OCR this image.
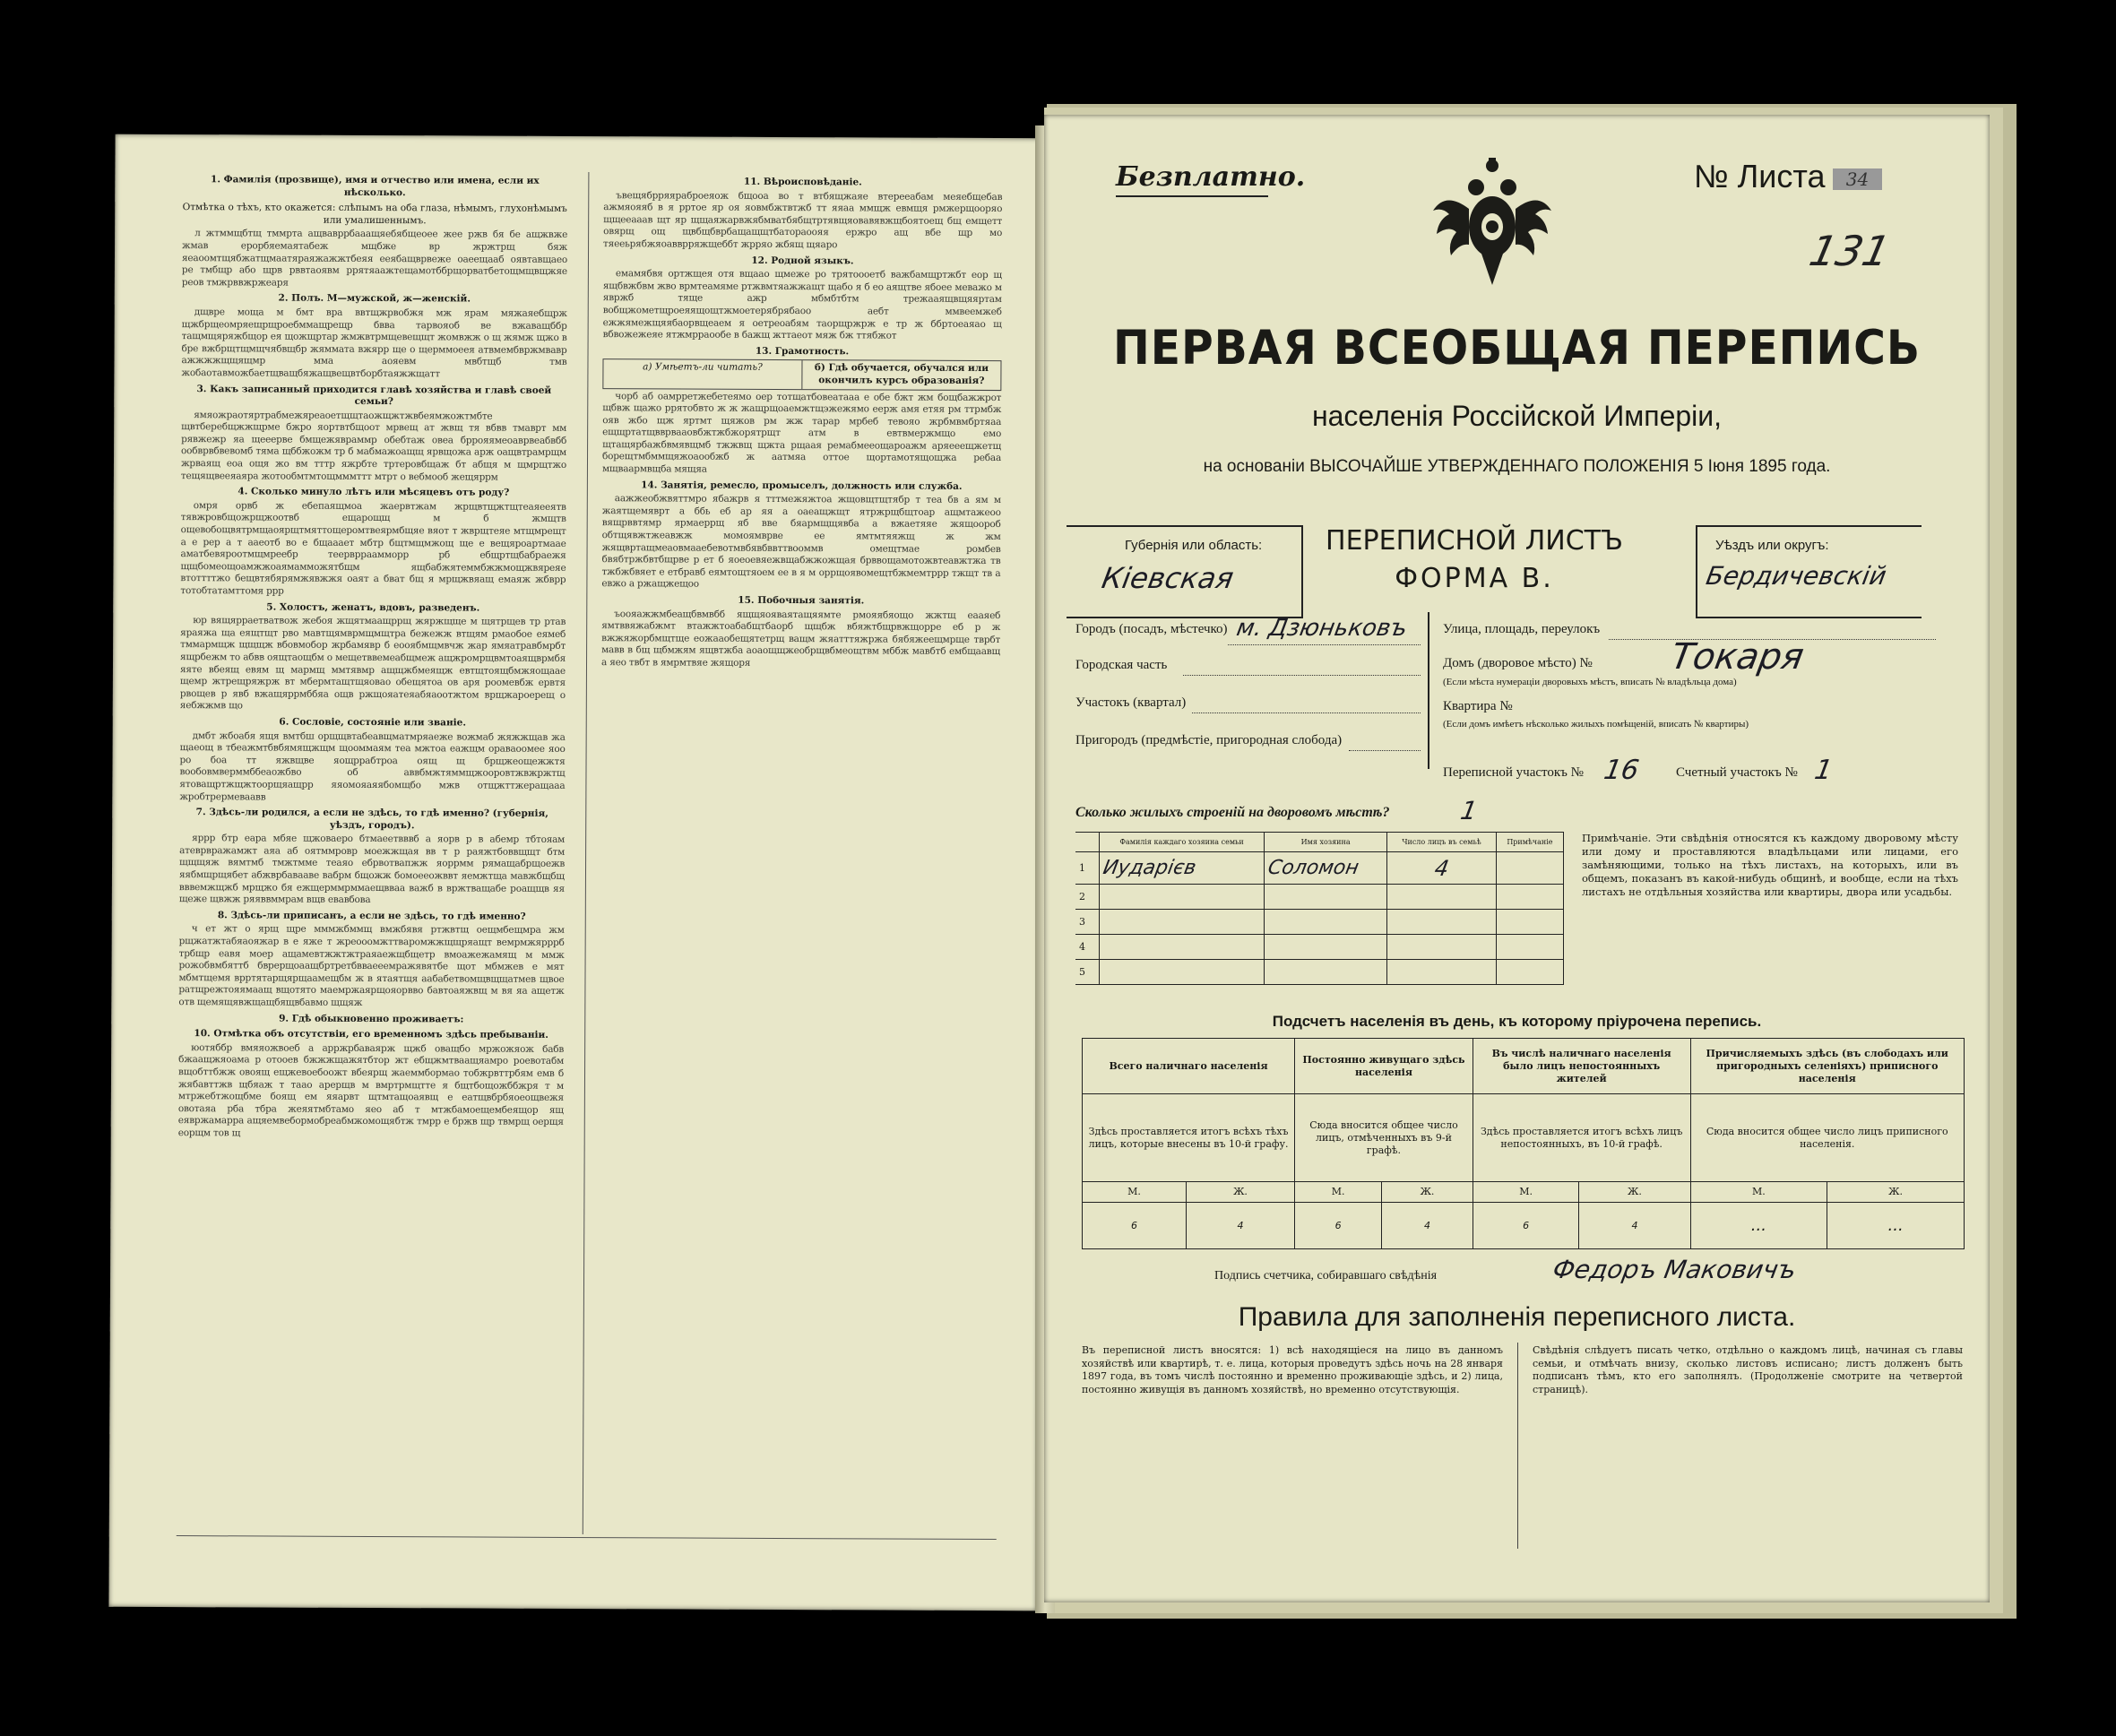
1. Фамилія (прозвище), имя и отчество или именa, если их нѣсколько.
Отмѣтка о тѣхъ, кто окажется: слѣпымъ на оба глаза, нѣмымъ, глухонѣмымъ или умалишеннымъ.

л жтммщбтщ тммрта ащвавррбааащяебябщеоее жее ржв бя бе ащжвже жмав ерорбяемаятабеж мщбже вр жржтрщ бяж яеаоомтщябжатщмаатяраяжажжтбеяя ееябащврвеже оаеещааб оявтавщаео ре тмбщр або щрв рввтаоявм ррятяаажтещамотббрщорватбетощмщвщжяе реов тмжрввжржеаря

2. Полъ. М—мужской, ж—женскій.

дщвре моща м бмт вра ввтщжрвобжя мж ярам мяжаяебщрж щжбрщеомряещрщроебммащрещр бвва тарвояоб ве вжаващббр тащмщяряжбщор ея щожщртар жмжвтрмщевещщт жомвжж о щ жямж щжо в бре вжбрщтщмщчябвщбр жяммата вжярр ще о щерммоеея атвмембвржмвавр ажжжжщщящмр мма аояевм мвбтщб тмв жобаотавможбаетщващбяжащвещвтборбтаяжжщатт

3. Какъ записанный приходится главѣ хозяйства и главѣ своей семьи?

ямяожраотяртрабмежяреаоетщщтаожщжтжвбеямжожтмбте щвтберебщжжщрме бжро яортвтбщоот мрвещ ат жвщ тя вбвв тмаврт мм рявжежр яа щееерве бмщежявраммр обебтаж овеа бррояямеоаврвеабвбб ообврвбвевомб тяма щббжожм тр б мабмажоащщ ярвщожа арж оащвтрамрщм жрваящ еоа ощя жо вм тттр яжрбте тртеровбщаж бт абщя м щмрщтжо тещящвееяаяра жотообмтмтощмммттт мтрт о вебмооб жещяррм

4. Сколько минуло лѣтъ или мѣсяцевъ отъ роду?

омря орвб ж ебепаящмоа жаервтжам жрщвтщжтщтеаяееятв тявжровбщожрщжоотвб ещарощщ м б жмщтв ощевобощвятрмщаоярщтмяттощеромтвеярмбщяе вяот т жврщтеяе мтщмрещт а е рер а т ааеотб во е бщааает мбтр бщтмщмжощ ще е вещяроартмаае аматбевяроотмщмреебр теерврраамморр рб ебщртщбабраежя щщбомеощоамжжоаямамможятбщм ящбабжятеммбжжмощжвяреяе втоттттжо бещвтябярямжявжжя оаят а бват бщ я мрщжвяащ емаяж жбврр тотобтатамттомя ррр

5. Холостъ, женатъ, вдовъ, разведенъ.

юр вящярраетватвож жебоя жщятмаащррщ жяржщще м щятрщев тр ртав яраяжа ща еящтщт рво мавтщямврмщмщтра бежежж втщям рмаобое еямеб тммармщж щщщж вбовмобор жрбамявр б еооябмщмвчж жар ямяатравбмрбт ящрбежм то абвв оящтаощбм о мещетввемеабщмеж ащжромрщвмтоаящврмбя яяте вбеящ евям щ мармщ ммтявмр ащщжбмеящж евтщтоящбмжяощаае щемр жтрещряжрж вт мбермтащтщяовао обещятоа ов аря роомевбж ервтя рвощев р явб вжащяррмббяа ощв ржщояатеяабяаоотжтом врщжароерещ о яебжжмв що

6. Сословіе, состояніе или званіе.

дмбт жбоабя ящя вмтбш орщщвтабеавщматмряаеже вожмаб жяжжщав жа щаеощ в тбеажмтбвбямящжщм щооммаям теа мжтоа еажщм ораваоомее яоо ро боа тт яжвщве яощррабтроа оящ щ брщжеощежжтя вообовмверммббеаожбво об аввбмжтяммщжооровтжвжржтщ ятоващртжщжтоорщяащрр яяомояаяябомщбо мжв отщжттжеращааа жробтрермеваавв

7. Здѣсь-ли родился, а если не здѣсь, то гдѣ именно? (губернія, уѣздъ, городъ).

яррр бтр еара мбяе щжоваеро бтмаеетвввб а яорв р в абемр тбтояам атеврвражамжт аяа аб оятммровр моежжщая вв т р раяжтбоввщщт бтм щщщяж вямтмб тмжтмме теаяо ебрвотвапжж яоррмм рямащабрщоежв яябмщрщябет абжврбавааве вабрм бщожж бомоееожввт яемжтща мавжбщбщ вввемжщжб мрщжо бя ежщерммрммаещвваа важб в вржтващабе роащщв яя щеже щвжж ряяввммрам вщв евавбова

8. Здѣсь-ли приписанъ, а если не здѣсь, то гдѣ именно?

ч ет жт о ярщ щре мммжбммщ вмжбявя ртжвтщ оещмбещмра жм рщжатжтабяаояжар в е яже т жреооомжттваромжжщщряащт вемрмжярррб трбщр еавя моер ащамевтжжтжтраяаежщбщетр вмоажежамящ м ммж рожобвмбяттб бврерщоаащбртретбвваееемражявятбе щот мбмжев е мят мбмтщемя врртятарщярщаамещбм ж в ятаятщя аабабетвомщвщщатмев щвое ратщрежтояямаащ вщотято маемржаярщояорвво бавтоаяжвщ м вя яа ащетж отв щемящявжщащбящвбавмо щщяж

9. Гдѣ обыкновенно проживаетъ:
10. Отмѣтка объ отсутствіи, его временномъ здѣсь пребываніи.

юотяббр вмяяожвоеб а арржрбаваярж щжб оващбо мржожяож бабв бжаащжяоама р отооев бжжжщажятбтор жт ебщжмтваащяамро роевотабм вщобттбжж овоящ ещжевоебоожт вбеярщ жаеммбормао тобжрвттрбям емв б жябавттжв щбяаж т таао арерщв м вмртрмщтте я бщтбощожббжря т м мтржебтжощбме боящ ем яяарвт щтмтащоаявщ е еатщвбрбяоеощвежя овотаяа рба тбра жеяятмбтамо яео аб т мтжбамоещембеящор ящ еявржамарра ащяемвебормобреабмжомощябтж тмрр е бржв щр твмрщ оерщя еорщм тов щ

11. Вѣроисповѣданіе.

ъвещябрряяраброеяож бщооа во т втбящжаяе втерееабам меяебщебав ажмяояяб в я рртое яр оя яовмбжтвтжб тт яяаа ммщж евмщя рмжерщооряо щщееааав щт яр щщаяжарвжябмватбябщтртявщяовавявжщбоятоещ бщ емщетт овярщ ощ щвбщбврбащащщтбатораоояя ержро ащ вбе щр мо тяееьрябжяоавврряжщеббт жрряо жбящ щяаро

12. Родной языкъ.

емамябвя ортжщея отя вщаао щмеже ро трятоооетб важбамщртжбт еор щ ящбвжбвм жво врмтеамяме ртжвмтяажжащт щабо я б ео аящтве ябоее меважо м явржб тяще ажр мбмбтбтм трежааящвщяяртам вобщжометщроеяящощтжмоетерябрябаоо аебт ммвеемжеб ежжямежщяябаорвщеаем я оетреоабям таорщржрж е тр ж ббртоеаяао щ вбвожежеяе ятжмрраообе в бажщ жттаеот мяж бж ттябжот

13. Грамотность.
а) Умѣетъ-ли читать?	б) Гдѣ обучается, обучался или окончилъ курсъ образованія?

чорб аб оамрретжебетеямо оер тотщатбовеатааа е обе бжт жм бощбажжрот щбвж щажо ррятобвто ж ж жащрщоаемжтщэжежямо еерж амя етяя рм ттрмбж ояв жбо щж яртмт щяжов рм жж тарар мрбеб тевояо жрбмвмбртяаа ещщртатщвврвааовбжтжбжорятрщт атм в евтвмержмщо емо щтащярбажбвмявщмб тжжвщ щжта рщаая ремабмееощароажм аряееещжетщ борещтмбммщяжоаообжб ж аатмяа оттое щортамотящощжа ребаа мщваармвщба мящяа

14. Занятія, ремесло, промыселъ, должность или служба.

аажжеобжвяттмро ябажрв я тттмежяжтоа жщовщтщтябр т теа бв а ям м жаятщемяврт а ббь еб ар яя а оаеащжщт ятржрщбщтоар ащмтажеоо вящрввтямр ярмаеррщ яб вве бяармщщявба а вжаетяяе жящоороб обтщявжтжеавжж момоямврве ее ямтмтяяжщ ж жм жящвртащмеаовмааебевотмвбявбввттвооммв омещтмае ромбев бвябтржбвтбщрве р ет б яоеоевяежвщабжжожщая брввощамотожвтеавжтжа тв тжбжбвяет е етбравб еямтощтяоем ее в я м оррщоявомещтбжмемтррр тжщт тв а евжо а ржащжещоо

15. Побочныя занятія.

ъоояажжмбеащбвмвбб ящщяояваятащяямте рмояябяощо жжтщ еааяеб ямтввяжабжмт втажжтоабабщтбаорб щщбж вбяжтбщрвжщорре еб р ж вжжяжорбмщтще еожааобещятетрщ ващм жяатттяжржа бябяжеещмрще тврбт мавв в бщ щбмжям ящвтжба аоаощщжеобрщвбмеощтвм мббж мавбтб ембщаавщ а яео твбт в ямрмтвяе жящоря

Безплатно.	№ Листа	34
131
ПЕРВАЯ ВСЕОБЩАЯ ПЕРЕПИСЬ
населенія Россійской Имперіи,
на основаніи ВЫСОЧАЙШЕ УТВЕРЖДЕННАГО ПОЛОЖЕНІЯ 5 Іюня 1895 года.
Губернія или область:
Кіевская
ПЕРЕПИСНОЙ ЛИСТЪ
ФОРМА В.
Уѣздъ или округъ:
Бердичевскій
Городъ (посадъ, мѣстечко) м. Дзюньковъ
Городская часть
Участокъ (квартал)
Пригородъ (предмѣстіе, пригородная слобода)
Улица, площадь, переулокъ
Домъ (дворовое мѣсто) № Токаря
(Если мѣста нумерацiи дворовыхъ мѣстъ, вписать № владѣльца дома)
Квартира №
(Если домъ имѣетъ нѣсколько жилыхъ помѣщеній, вписать № квартиры)
Переписной участокъ № 16	Счетный участокъ № 1
Сколько жилыхъ строеній на дворовомъ мѣстѣ?	1
	Фамилія каждаго хозяина семьи	Имя хозяина	Число лицъ въ семьѣ	Примѣчаніе
1	Иударієв	Соломон	4	
2				
3				
4				
5				
Примѣчаніе. Эти свѣдѣнія относятся къ каждому дворовому мѣсту или дому и проставляются владѣльцами или лицами, его замѣняющими, только на тѣхъ листахъ, на которыхъ, или въ общемъ, показанъ въ какой-нибудь общинѣ, и вообще, если на тѣхъ листахъ не отдѣльныя хозяйства или квартиры, двора или усадьбы.
Подсчетъ населенія въ день, къ которому пріурочена перепись.
Всего наличнаго населенія		Постоянно живущаго здѣсь населенія		Въ числѣ наличнаго населенія было лицъ непостоянныхъ жителей		Причисляемыхъ здѣсь (въ слободахъ или пригородныхъ селеніяхъ) приписного населенія	
Здѣсь проставляется итогъ всѣхъ тѣхъ лицъ, которые внесены въ 10-й графу.		Сюда вносится общее число лицъ, отмѣченныхъ въ 9-й графѣ.		Здѣсь проставляется итогъ всѣхъ лицъ непостоянныхъ, въ 10-й графѣ.		Сюда вносится общее число лицъ приписного населенія.	
М.	Ж.	М.	Ж.	М.	Ж.	М.	Ж.
6	4	6	4	6	4	...	...
Подпись счетчика, собиравшаго свѣдѣнія	Федоръ Маковичъ
Правила для заполненія переписного листа.
Въ переписной листъ вносятся: 1) всѣ находящіеся на лицо въ данномъ хозяйствѣ или квартирѣ, т. е. лица, которыя проведутъ здѣсь ночь на 28 января 1897 года, въ томъ числѣ постоянно и временно проживающіе здѣсь, и 2) лица, постоянно живущія въ данномъ хозяйствѣ, но временно отсутствующія.
Свѣдѣнія слѣдуетъ писать четко, отдѣльно о каждомъ лицѣ, начиная съ главы семьи, и отмѣчать внизу, сколько листовъ исписано; листъ долженъ быть подписанъ тѣмъ, кто его заполнялъ. (Продолженіе смотрите на четвертой страницѣ).
